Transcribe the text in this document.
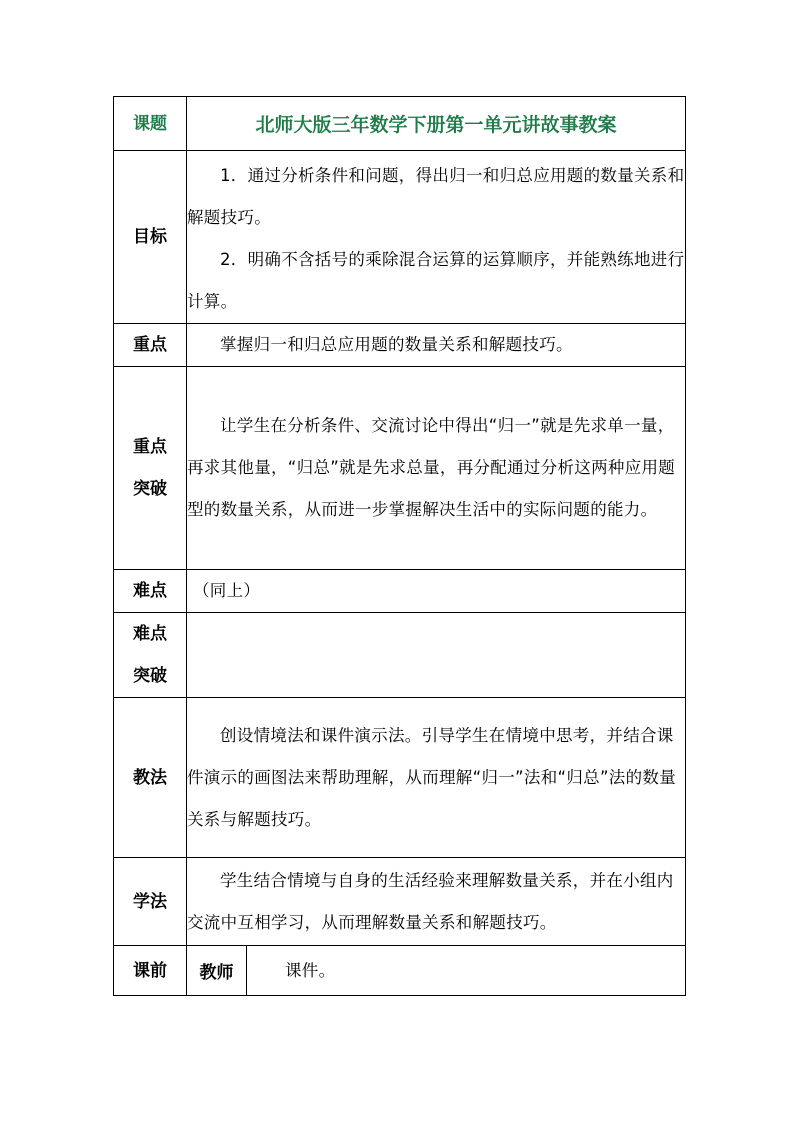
课题	北师大版三年数学下册第一单元讲故事教案	
目标	1．通过分析条件和问题，得出归一和归总应用题的数量关系和解题技巧。

2．明确不含括号的乘除混合运算的运算顺序，并能熟练地进行计算。	

重点	掌握归一和归总应用题的数量关系和解题技巧。	

重点
突破	让学生在分析条件、交流讨论中得出“归一”就是先求单一量，再求其他量，“归总”就是先求总量，再分配通过分析这两种应用题型的数量关系，从而进一步掌握解决生活中的实际问题的能力。	

难点	（同上）	

难点
突破		

教法	创设情境法和课件演示法。引导学生在情境中思考，并结合课件演示的画图法来帮助理解，从而理解“归一”法和“归总”法的数量关系与解题技巧。	

学法	学生结合情境与自身的生活经验来理解数量关系，并在小组内交流中互相学习，从而理解数量关系和解题技巧。	

课前	教师	课件。
